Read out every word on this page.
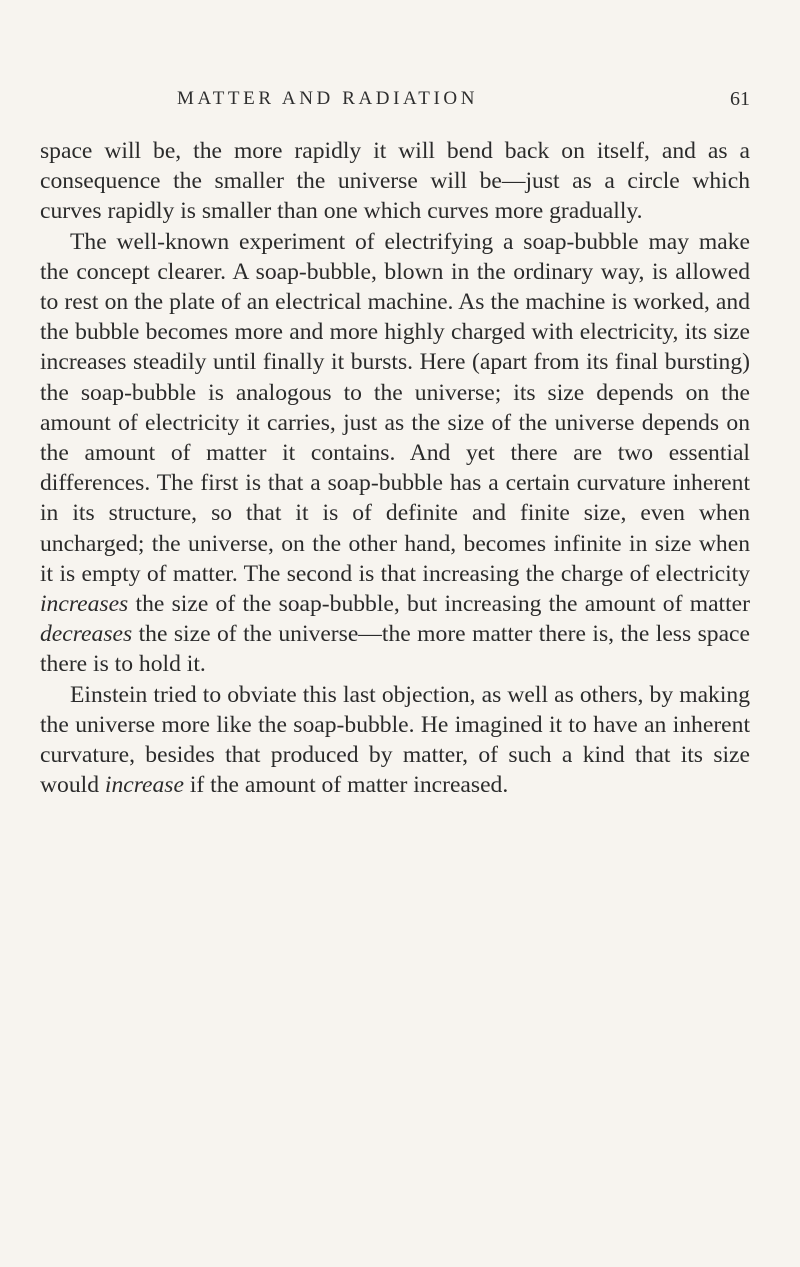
MATTER AND RADIATION	61

space will be, the more rapidly it will bend back on itself, and as a consequence the smaller the universe will be—just as a circle which curves rapidly is smaller than one which curves more gradually.

The well-known experiment of electrifying a soap-bubble may make the concept clearer. A soap-bubble, blown in the ordinary way, is allowed to rest on the plate of an electrical machine. As the machine is worked, and the bubble becomes more and more highly charged with electricity, its size increases steadily until finally it bursts. Here (apart from its final bursting) the soap-bubble is analogous to the universe; its size depends on the amount of electricity it carries, just as the size of the universe depends on the amount of matter it contains. And yet there are two essential differences. The first is that a soap-bubble has a certain curvature inherent in its structure, so that it is of definite and finite size, even when uncharged; the universe, on the other hand, becomes infinite in size when it is empty of matter. The second is that increasing the charge of electricity increases the size of the soap-bubble, but increasing the amount of matter decreases the size of the universe—the more matter there is, the less space there is to hold it.

Einstein tried to obviate this last objection, as well as others, by making the universe more like the soap-bubble. He imagined it to have an inherent curvature, besides that produced by matter, of such a kind that its size would increase if the amount of matter increased.
